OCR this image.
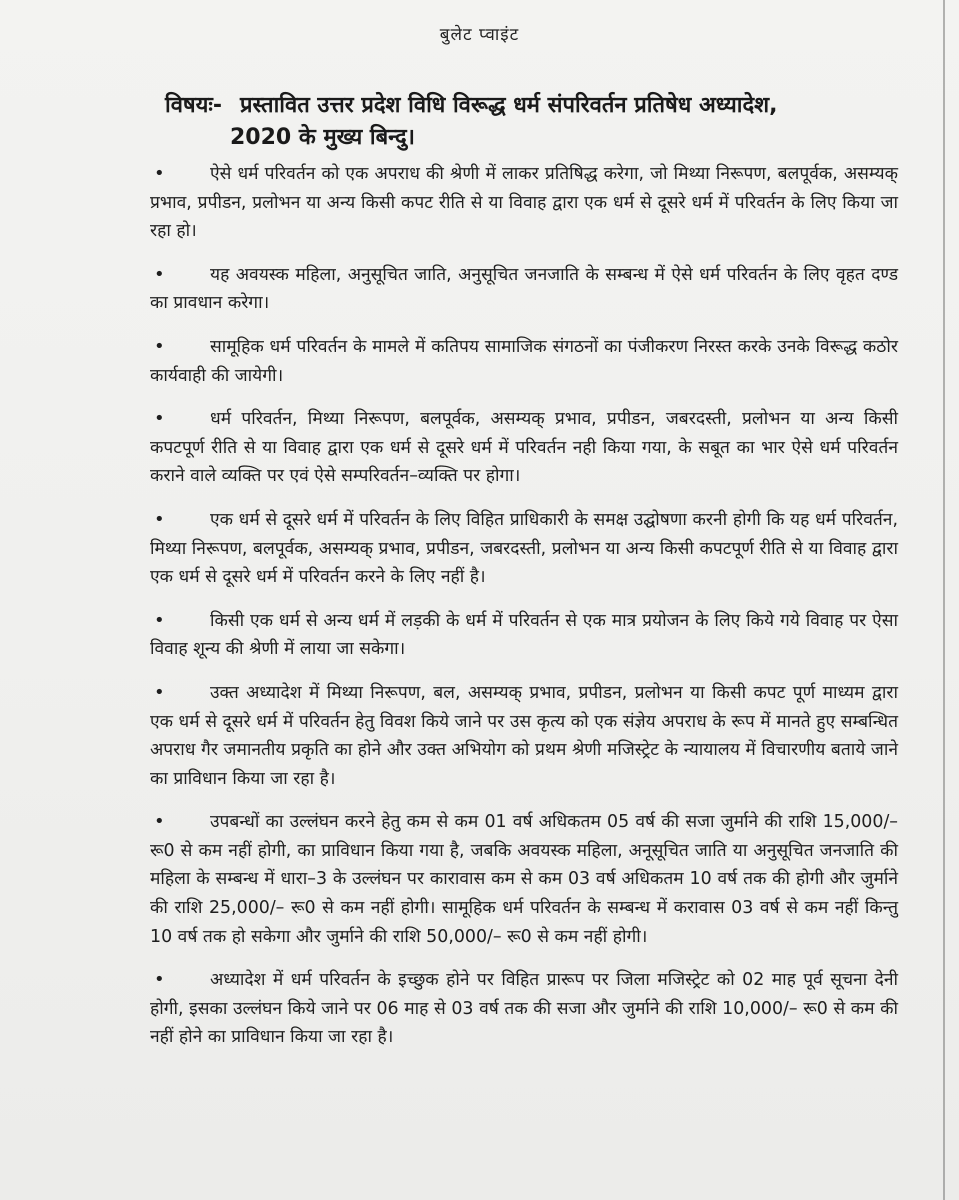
बुलेट प्वाइंट
विषयः- प्रस्तावित उत्तर प्रदेश विधि विरूद्ध धर्म संपरिवर्तन प्रतिषेध अध्यादेश,
2020 के मुख्य बिन्दु।
•	ऐसे धर्म परिवर्तन को एक अपराध की श्रेणी में लाकर प्रतिषिद्ध करेगा, जो मिथ्या निरूपण, बलपूर्वक, असम्यक् प्रभाव, प्रपीडन, प्रलोभन या अन्य किसी कपट रीति से या विवाह द्वारा एक धर्म से दूसरे धर्म में परिवर्तन के लिए किया जा रहा हो।
•	यह अवयस्क महिला, अनुसूचित जाति, अनुसूचित जनजाति के सम्बन्ध में ऐसे धर्म परिवर्तन के लिए वृहत दण्ड का प्रावधान करेगा।
•	सामूहिक धर्म परिवर्तन के मामले में कतिपय सामाजिक संगठनों का पंजीकरण निरस्त करके उनके विरूद्ध कठोर कार्यवाही की जायेगी।
•	धर्म परिवर्तन, मिथ्या निरूपण, बलपूर्वक, असम्यक् प्रभाव, प्रपीडन, जबरदस्ती, प्रलोभन या अन्य किसी कपटपूर्ण रीति से या विवाह द्वारा एक धर्म से दूसरे धर्म में परिवर्तन नही किया गया, के सबूत का भार ऐसे धर्म परिवर्तन कराने वाले व्यक्ति पर एवं ऐसे सम्परिवर्तन–व्यक्ति पर होगा।
•	एक धर्म से दूसरे धर्म में परिवर्तन के लिए विहित प्राधिकारी के समक्ष उद्घोषणा करनी होगी कि यह धर्म परिवर्तन, मिथ्या निरूपण, बलपूर्वक, असम्यक् प्रभाव, प्रपीडन, जबरदस्ती, प्रलोभन या अन्य किसी कपटपूर्ण रीति से या विवाह द्वारा एक धर्म से दूसरे धर्म में परिवर्तन करने के लिए नहीं है।
•	किसी एक धर्म से अन्य धर्म में लड़की के धर्म में परिवर्तन से एक मात्र प्रयोजन के लिए किये गये विवाह पर ऐसा विवाह शून्य की श्रेणी में लाया जा सकेगा।
•	उक्त अध्यादेश में मिथ्या निरूपण, बल, असम्यक् प्रभाव, प्रपीडन, प्रलोभन या किसी कपट पूर्ण माध्यम द्वारा एक धर्म से दूसरे धर्म में परिवर्तन हेतु विवश किये जाने पर उस कृत्य को एक संज्ञेय अपराध के रूप में मानते हुए सम्बन्धित अपराध गैर जमानतीय प्रकृति का होने और उक्त अभियोग को प्रथम श्रेणी मजिस्ट्रेट के न्यायालय में विचारणीय बताये जाने का प्राविधान किया जा रहा है।
•	उपबन्धों का उल्लंघन करने हेतु कम से कम 01 वर्ष अधिकतम 05 वर्ष की सजा जुर्माने की राशि 15,000/– रू0 से कम नहीं होगी, का प्राविधान किया गया है, जबकि अवयस्क महिला, अनूसूचित जाति या अनुसूचित जनजाति की महिला के सम्बन्ध में धारा–3 के उल्लंघन पर कारावास कम से कम 03 वर्ष अधिकतम 10 वर्ष तक की होगी और जुर्माने की राशि 25,000/– रू0 से कम नहीं होगी। सामूहिक धर्म परिवर्तन के सम्बन्ध में करावास 03 वर्ष से कम नहीं किन्तु 10 वर्ष तक हो सकेगा और जुर्माने की राशि 50,000/– रू0 से कम नहीं होगी।
•	अध्यादेश में धर्म परिवर्तन के इच्छुक होने पर विहित प्रारूप पर जिला मजिस्ट्रेट को 02 माह पूर्व सूचना देनी होगी, इसका उल्लंघन किये जाने पर 06 माह से 03 वर्ष तक की सजा और जुर्माने की राशि 10,000/– रू0 से कम की नहीं होने का प्राविधान किया जा रहा है।
